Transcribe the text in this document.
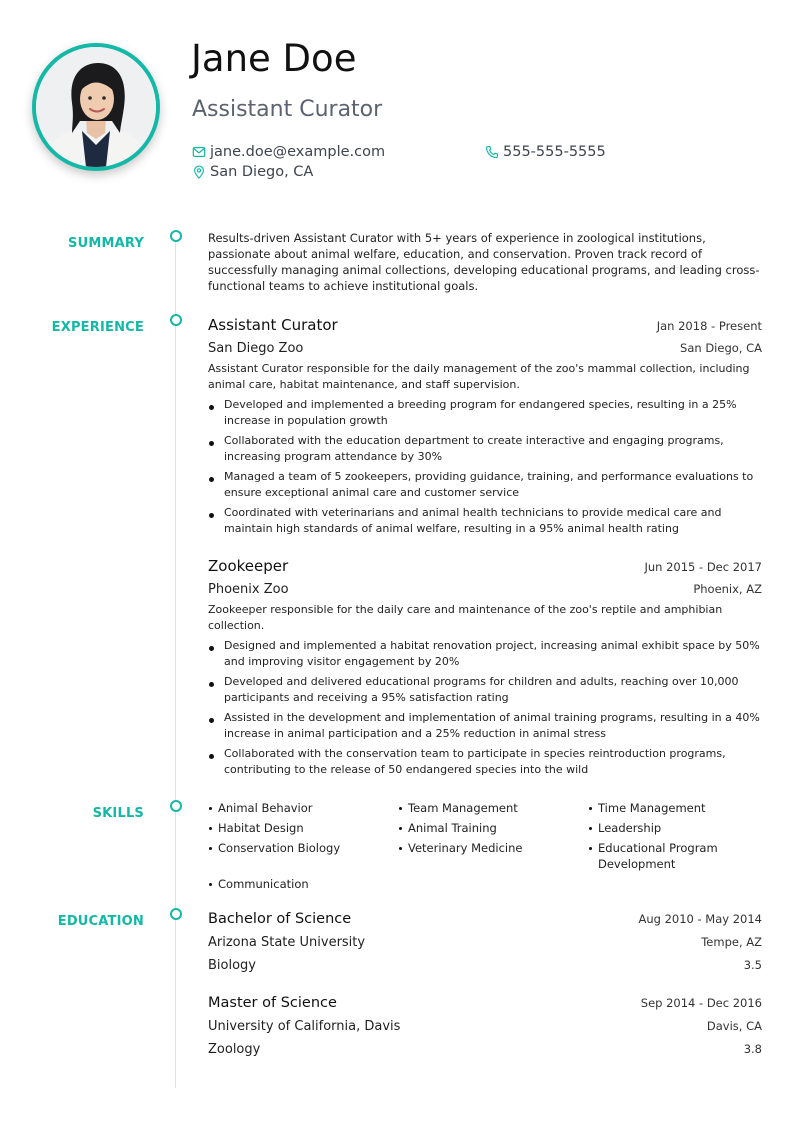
Jane Doe
Assistant Curator
jane.doe@example.com	555-555-5555
San Diego, CA
SUMMARY
EXPERIENCE
SKILLS
EDUCATION
Results-driven Assistant Curator with 5+ years of experience in zoological institutions, passionate about animal welfare, education, and conservation. Proven track record of successfully managing animal collections, developing educational programs, and leading cross-functional teams to achieve institutional goals.
Assistant Curator	Jan 2018 - Present
San Diego Zoo	San Diego, CA
Assistant Curator responsible for the daily management of the zoo's mammal collection, including animal care, habitat maintenance, and staff supervision.
Developed and implemented a breeding program for endangered species, resulting in a 25% increase in population growth
Collaborated with the education department to create interactive and engaging programs, increasing program attendance by 30%
Managed a team of 5 zookeepers, providing guidance, training, and performance evaluations to ensure exceptional animal care and customer service
Coordinated with veterinarians and animal health technicians to provide medical care and maintain high standards of animal welfare, resulting in a 95% animal health rating
Zookeeper	Jun 2015 - Dec 2017
Phoenix Zoo	Phoenix, AZ
Zookeeper responsible for the daily care and maintenance of the zoo's reptile and amphibian collection.
Designed and implemented a habitat renovation project, increasing animal exhibit space by 50% and improving visitor engagement by 20%
Developed and delivered educational programs for children and adults, reaching over 10,000 participants and receiving a 95% satisfaction rating
Assisted in the development and implementation of animal training programs, resulting in a 40% increase in animal participation and a 25% reduction in animal stress
Collaborated with the conservation team to participate in species reintroduction programs, contributing to the release of 50 endangered species into the wild
Animal Behavior	Team Management	Time Management
Habitat Design	Animal Training	Leadership
Conservation Biology	Veterinary Medicine	Educational Program Development
Communication
Bachelor of Science	Aug 2010 - May 2014
Arizona State University	Tempe, AZ
Biology	3.5
Master of Science	Sep 2014 - Dec 2016
University of California, Davis	Davis, CA
Zoology	3.8
